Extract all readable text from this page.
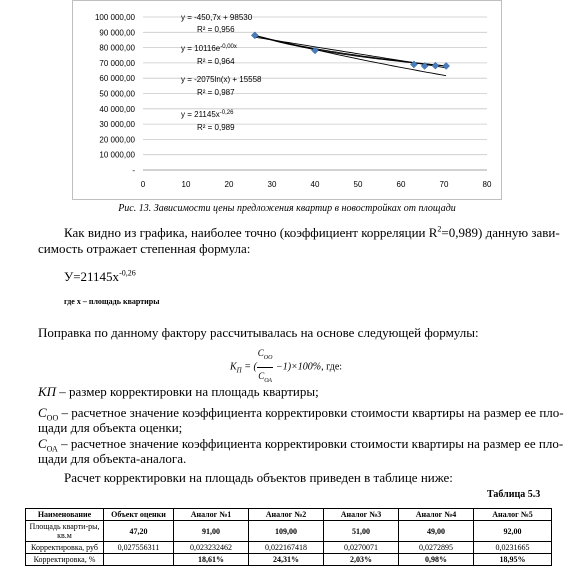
-
10 000,00
20 000,00
30 000,00
40 000,00
50 000,00
60 000,00
70 000,00
80 000,00
90 000,00
100 000,00
0	10	20	30	40	50	60	70	80
y = -450,7x + 98530
R² = 0,956
$y = 10116e^{-0,00x}$
R² = 0,964
y = -2075ln(x) + 15558
R² = 0,987
$y = 21145x^{-0,26}$
R² = 0,989
Рис. 13. Зависимости цены предложения квартир в новостройках от площади
Как видно из графика, наиболее точно (коэффициент корреляции $R^2=0,989$) данную зави-
симость отражает степенная формула:
$У=21145х^{-0,26}$
где х – площадь квартиры
Поправка по данному фактору рассчитывалась на основе следующей формулы:
$К_П$ = ( $\frac{C_{ОО}}{C_{ОА}} -1)\times 100\%$, где:
КП – размер корректировки на площадь квартиры;
$С_{ОО}$ – расчетное значение коэффициента корректировки стоимости квартиры на размер ее пло-
щади для объекта оценки;
$С_{ОА}$ – расчетное значение коэффициента корректировки стоимости квартиры на размер ее пло-
щади для объекта-аналога.
Расчет корректировки на площадь объектов приведен в таблице ниже:
Таблица 5.3
Наименование	Объект оценки	Аналог №1	Аналог №2	Аналог №3	Аналог №4	Аналог №5
Площадь кварти-ры, кв.м	47,20	91,00	109,00	51,00	49,00	92,00
Корректировка, руб	0,027556311	0,023232462	0,022167418	0,0270071	0,0272895	0,0231665
Корректировка, %		18,61%	24,31%	2,03%	0,98%	18,95%
